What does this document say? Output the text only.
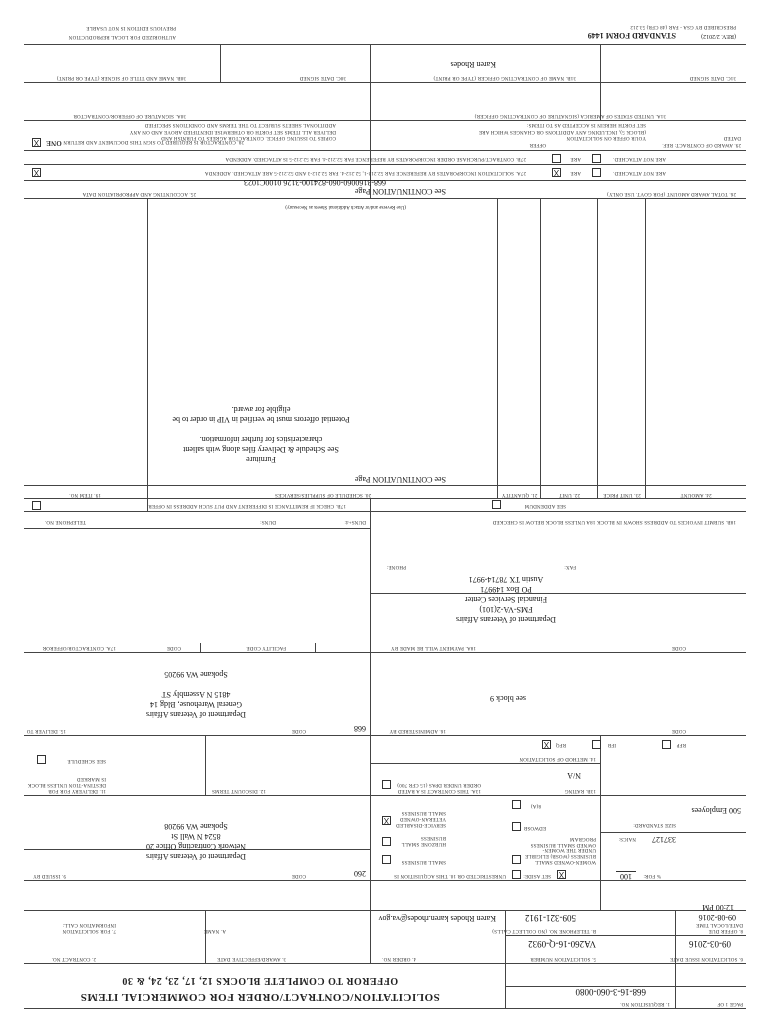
SOLICITATION/CONTRACT/ORDER FOR COMMERCIAL ITEMS
OFFEROR TO COMPLETE BLOCKS 12, 17, 23, 24, & 30
1. REQUISITION NO.
668-16-3-060-0080
PAGE 1 OF
2. CONTRACT NO.	3. AWARD/EFFECTIVE DATE	4. ORDER NO.	5. SOLICITATION NUMBER
VA260-16-Q-0932
6. SOLICITATION ISSUE DATE
09-03-2016
7. FOR SOLICITATION INFORMATION CALL:
A. NAME
Karen Rhodes karen.rhodes@va.gov
B. TELEPHONE NO. (NO COLLECT CALLS)
509-321-1912
8. OFFER DUE DATE/LOCAL TIME
09-08-2016
12:00 PM
9. ISSUED BY	CODE	260
Department of Veterans Affairs
Network Contracting Office 20
8524 N Wall St
Spokane WA 99208
10. THIS ACQUISITION IS UNRESTRICTED OR	X
SET ASIDE:	100	% FOR:
SMALL BUSINESS
HUBZONE SMALL BUSINESS
X	SERVICE-DISABLED VETERAN-OWNED SMALL BUSINESS
WOMEN-OWNED SMALL BUSINESS (WOSB) ELIGIBLE UNDER THE WOMEN-OWNED SMALL BUSINESS PROGRAM
EDWOSB
8(A)
NAICS: 337127
SIZE STANDARD:
500 Employees
11. DELIVERY FOR FOB DESTINA-TION UNLESS BLOCK IS MARKED
SEE SCHEDULE
12. DISCOUNT TERMS	13A. THIS CONTRACT IS A RATED ORDER UNDER DPAS (15 CFR 700)
13B. RATING
N/A
14. METHOD OF SOLICITATION
X	RFQ	IFB	RFP
15. DELIVER TO	CODE	668
Department of Veterans Affairs
General Warehouse, Bldg 14
4815 N Assembly ST

Spokane WA 99205
16. ADMINISTERED BY	CODE
see block 9
17A. CONTRACTOR/OFFEROR	CODE	FACILITY CODE
TELEPHONE NO.	DUNS:	DUNS+4:
17B. CHECK IF REMITTANCE IS DIFFERENT AND PUT SUCH ADDRESS IN OFFER
18A. PAYMENT WILL BE MADE BY	CODE
Department of Veterans Affairs
FMS-VA-2(101)
Financial Services Center
PO Box 149971
Austin TX 78714-9971
PHONE:	FAX:
18B. SUBMIT INVOICES TO ADDRESS SHOWN IN BLOCK 18A UNLESS BLOCK BELOW IS CHECKED
SEE ADDENDUM
19. ITEM NO.	20. SCHEDULE OF SUPPLIES/SERVICES	21. QUANTITY	22. UNIT	23. UNIT PRICE	24. AMOUNT
See CONTINUATION Page
Furniture
See Schedule & Delivery files along with salient
characteristics for further information.

Potential offerors must be verified in VIP in order to be
eligible for award.
(Use Reverse and/or Attach Additional Sheets as Necessary)
25. ACCOUNTING AND APPROPRIATION DATA	See CONTINUATION Page
668-3160060-060-824100-3126 0100C1023
26. TOTAL AWARD AMOUNT (FOR GOVT. USE ONLY)
X	27A. SOLICITATION INCORPORATES BY REFERENCE FAR 52.212-1, 52.212-4. FAR 52.212-3 AND 52.212-5 ARE ATTACHED. ADDENDA	X	ARE	ARE NOT ATTACHED.
27B. CONTRACT/PURCHASE ORDER INCORPORATES BY REFERENCE FAR 52.212-4. FAR 52.212-5 IS ATTACHED. ADDENDA	ARE	ARE NOT ATTACHED.
X	28. CONTRACTOR IS REQUIRED TO SIGN THIS DOCUMENT AND RETURN ONE
COPIES TO ISSUING OFFICE. CONTRACTOR AGREES TO FURNISH AND
DELIVER ALL ITEMS SET FORTH OR OTHERWISE IDENTIFIED ABOVE AND ON ANY
ADDITIONAL SHEETS SUBJECT TO THE TERMS AND CONDITIONS SPECIFIED
29. AWARD OF CONTRACT: REF.
OFFER
DATED
YOUR OFFER ON SOLICITATION
(BLOCK 5), INCLUDING ANY ADDITIONS OR CHANGES WHICH ARE
SET FORTH HEREIN IS ACCEPTED AS TO ITEMS:
30A. SIGNATURE OF OFFEROR/CONTRACTOR	31A. UNITED STATES OF AMERICA (SIGNATURE OF CONTRACTING OFFICER)
30B. NAME AND TITLE OF SIGNER (TYPE OR PRINT)	30C. DATE SIGNED	31B. NAME OF CONTRACTING OFFICER (TYPE OR PRINT)
Karen Rhodes
31C. DATE SIGNED
AUTHORIZED FOR LOCAL REPRODUCTION
PREVIOUS EDITION IS NOT USABLE
STANDARD FORM 1449	(REV. 2/2012)
PRESCRIBED BY GSA - FAR (48 CFR) 53.212
